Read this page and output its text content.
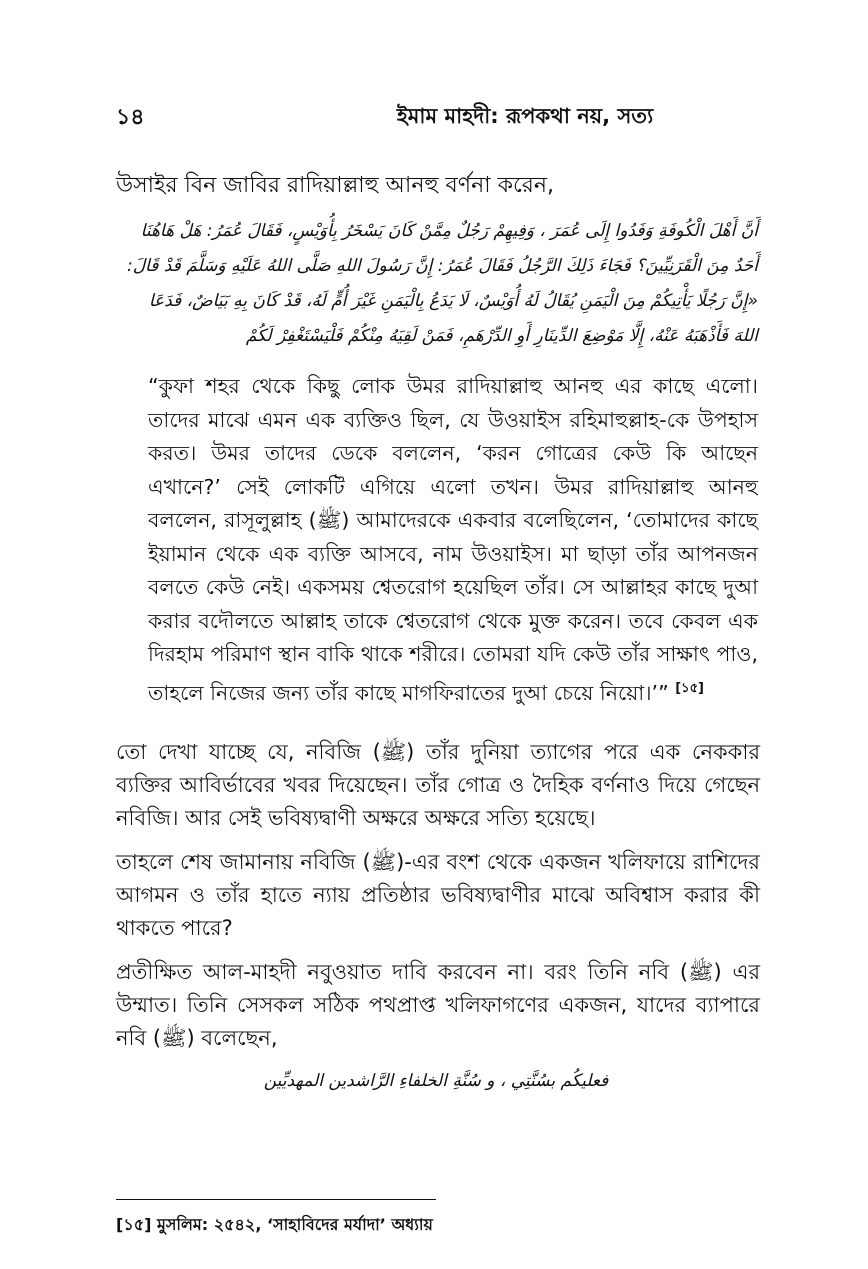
১৪	ইমাম মাহদী: রূপকথা নয়, সত্য
উসাইর বিন জাবির রাদিয়াল্লাহু আনহু বর্ণনা করেন,
أَنَّ أَهْلَ الْكُوفَةِ وَفَدُوا إِلَى عُمَرَ ، وَفِيهِمْ رَجُلٌ مِمَّنْ كَانَ يَسْخَرُ بِأُوَيْسٍ، فَقَالَ عُمَرُ: هَلْ هَاهُنَا
أَحَدٌ مِنَ الْقَرَنِيِّينَ؟ فَجَاءَ ذَلِكَ الرَّجُلُ فَقَالَ عُمَرُ: إِنَّ رَسُولَ اللهِ صَلَّى اللهُ عَلَيْهِ وَسَلَّمَ قَدْ قَالَ:
«إِنَّ رَجُلًا يَأْتِيكُمْ مِنَ الْيَمَنِ يُقَالُ لَهُ أُوَيْسٌ، لَا يَدَعُ بِالْيَمَنِ غَيْرَ أُمٍّ لَهُ، قَدْ كَانَ بِهِ بَيَاضٌ، فَدَعَا
اللهَ فَأَذْهَبَهُ عَنْهُ، إِلَّا مَوْضِعَ الدِّينَارِ أَوِ الدِّرْهَمِ، فَمَنْ لَقِيَهُ مِنْكُمْ فَلْيَسْتَغْفِرْ لَكُمْ
“কুফা শহর থেকে কিছু লোক উমর রাদিয়াল্লাহু আনহু এর কাছে এলো। তাদের মাঝে এমন এক ব্যক্তিও ছিল, যে উওয়াইস রহিমাহুল্লাহ-কে উপহাস করত। উমর তাদের ডেকে বললেন, ‘করন গোত্রের কেউ কি আছেন এখানে?’ সেই লোকটি এগিয়ে এলো তখন। উমর রাদিয়াল্লাহু আনহু বললেন, রাসূলুল্লাহ (ﷺ) আমাদেরকে একবার বলেছিলেন, ‘তোমাদের কাছে ইয়ামান থেকে এক ব্যক্তি আসবে, নাম উওয়াইস। মা ছাড়া তাঁর আপনজন বলতে কেউ নেই। একসময় শ্বেতরোগ হয়েছিল তাঁর। সে আল্লাহর কাছে দুআ করার বদৌলতে আল্লাহ তাকে শ্বেতরোগ থেকে মুক্ত করেন। তবে কেবল এক দিরহাম পরিমাণ স্থান বাকি থাকে শরীরে। তোমরা যদি কেউ তাঁর সাক্ষাৎ পাও, তাহলে নিজের জন্য তাঁর কাছে মাগফিরাতের দুআ চেয়ে নিয়ো।’” [১৫]

তো দেখা যাচ্ছে যে, নবিজি (ﷺ) তাঁর দুনিয়া ত্যাগের পরে এক নেককার ব্যক্তির আবির্ভাবের খবর দিয়েছেন। তাঁর গোত্র ও দৈহিক বর্ণনাও দিয়ে গেছেন নবিজি। আর সেই ভবিষ্যদ্বাণী অক্ষরে অক্ষরে সত্যি হয়েছে।

তাহলে শেষ জামানায় নবিজি (ﷺ)-এর বংশ থেকে একজন খলিফায়ে রাশিদের আগমন ও তাঁর হাতে ন্যায় প্রতিষ্ঠার ভবিষ্যদ্বাণীর মাঝে অবিশ্বাস করার কী থাকতে পারে?

প্রতীক্ষিত আল-মাহদী নবুওয়াত দাবি করবেন না। বরং তিনি নবি (ﷺ) এর উম্মাত। তিনি সেসকল সঠিক পথপ্রাপ্ত খলিফাগণের একজন, যাদের ব্যাপারে নবি (ﷺ) বলেছেন,

فعليكُم بسُنَّتِي ، و سُنَّةِ الخلفاءِ الرَّاشدين المهديِّين
[১৫] মুসলিম: ২৫৪২, ‘সাহাবিদের মর্যাদা’ অধ্যায়
